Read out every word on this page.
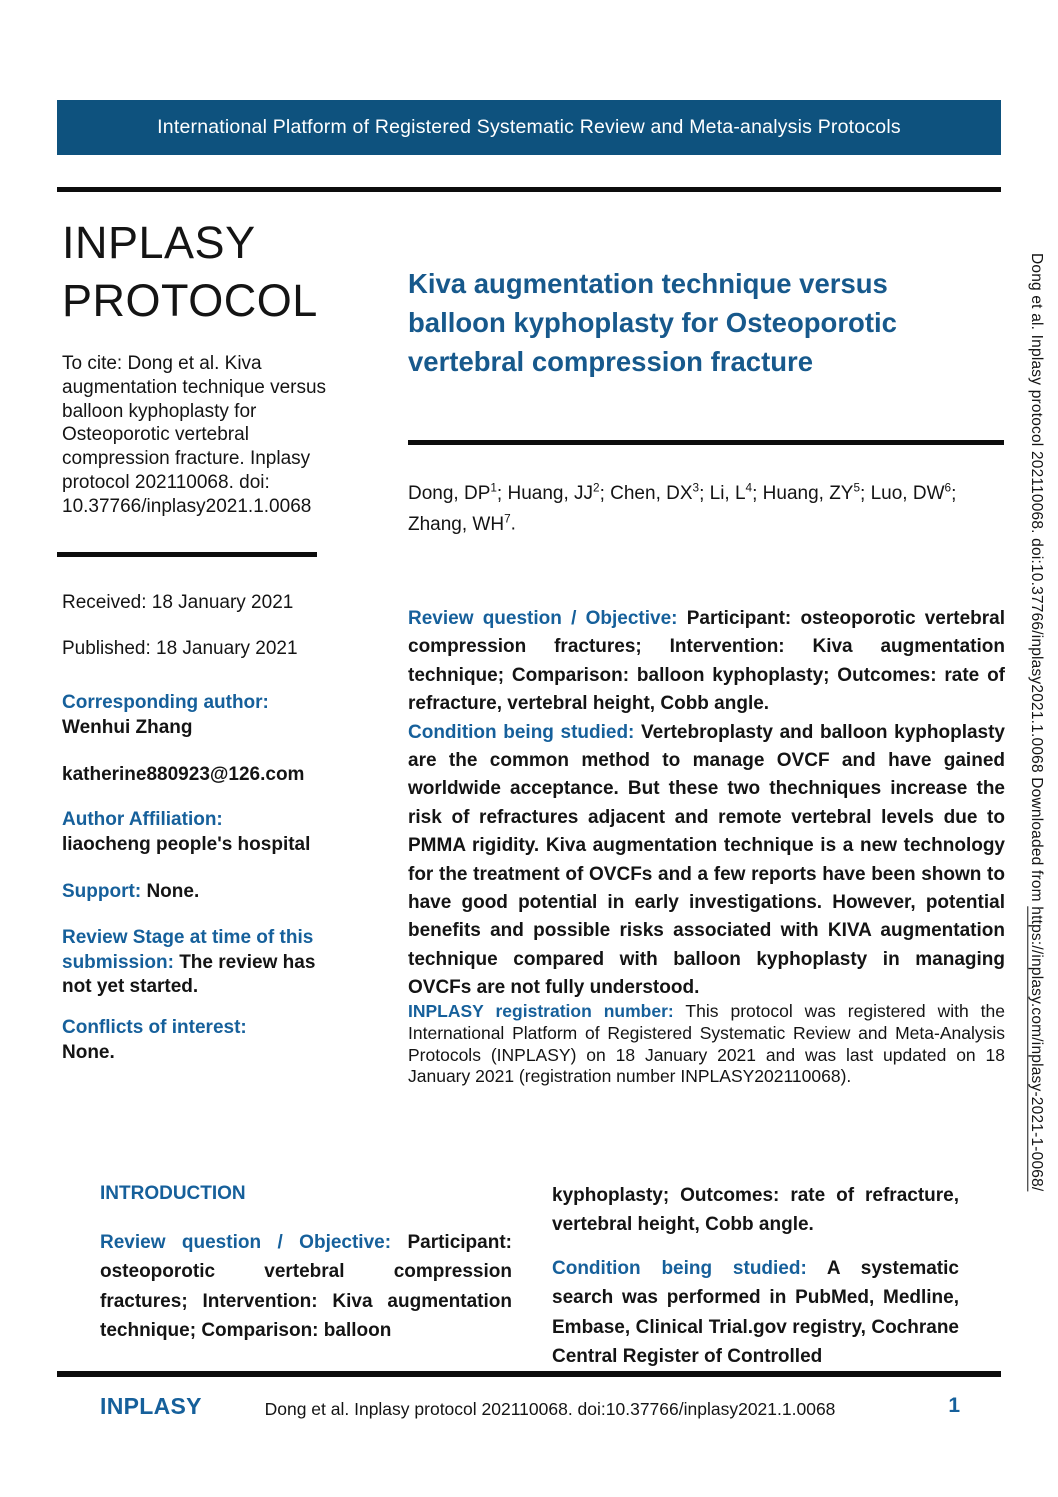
International Platform of Registered Systematic Review and Meta-analysis Protocols
INPLASY
PROTOCOL
To cite: Dong et al. Kiva augmentation technique versus balloon kyphoplasty for Osteoporotic vertebral compression fracture. Inplasy protocol 202110068. doi: 10.37766/inplasy2021.1.0068
Received: 18 January 2021
Published: 18 January 2021
Corresponding author:
Wenhui Zhang
katherine880923@126.com
Author Affiliation:
liaocheng people's hospital
Support: None.
Review Stage at time of this submission: The review has not yet started.
Conflicts of interest:
None.
Kiva augmentation technique versus balloon kyphoplasty for Osteoporotic vertebral compression fracture
Dong, $DP^1$; Huang, $JJ^2$; Chen, $DX^3$; Li, $L^4$; Huang, $ZY^5$; Luo, $DW^6$; Zhang, $WH^7$.

Review question / Objective: Participant: osteoporotic vertebral compression fractures; Intervention: Kiva augmentation technique; Comparison: balloon kyphoplasty; Outcomes: rate of refracture, vertebral height, Cobb angle.

Condition being studied: Vertebroplasty and balloon kyphoplasty are the common method to manage OVCF and have gained worldwide acceptance. But these two thechniques increase the risk of refractures adjacent and remote vertebral levels due to PMMA rigidity. Kiva augmentation technique is a new technology for the treatment of OVCFs and a few reports have been shown to have good potential in early investigations. However, potential benefits and possible risks associated with KIVA augmentation technique compared with balloon kyphoplasty in managing OVCFs are not fully understood.

INPLASY registration number: This protocol was registered with the International Platform of Registered Systematic Review and Meta-Analysis Protocols (INPLASY) on 18 January 2021 and was last updated on 18 January 2021 (registration number INPLASY202110068).
INTRODUCTION

Review question / Objective: Participant: osteoporotic vertebral compression fractures; Intervention: Kiva augmentation technique; Comparison: balloon

kyphoplasty; Outcomes: rate of refracture, vertebral height, Cobb angle.

Condition being studied: A systematic search was performed in PubMed, Medline, Embase, Clinical Trial.gov registry, Cochrane Central Register of Controlled

INPLASY	Dong et al. Inplasy protocol 202110068. doi:10.37766/inplasy2021.1.0068	1
Dong et al. Inplasy protocol 202110068. doi:10.37766/inplasy2021.1.0068 Downloaded from https://inplasy.com/inplasy-2021-1-0068/
